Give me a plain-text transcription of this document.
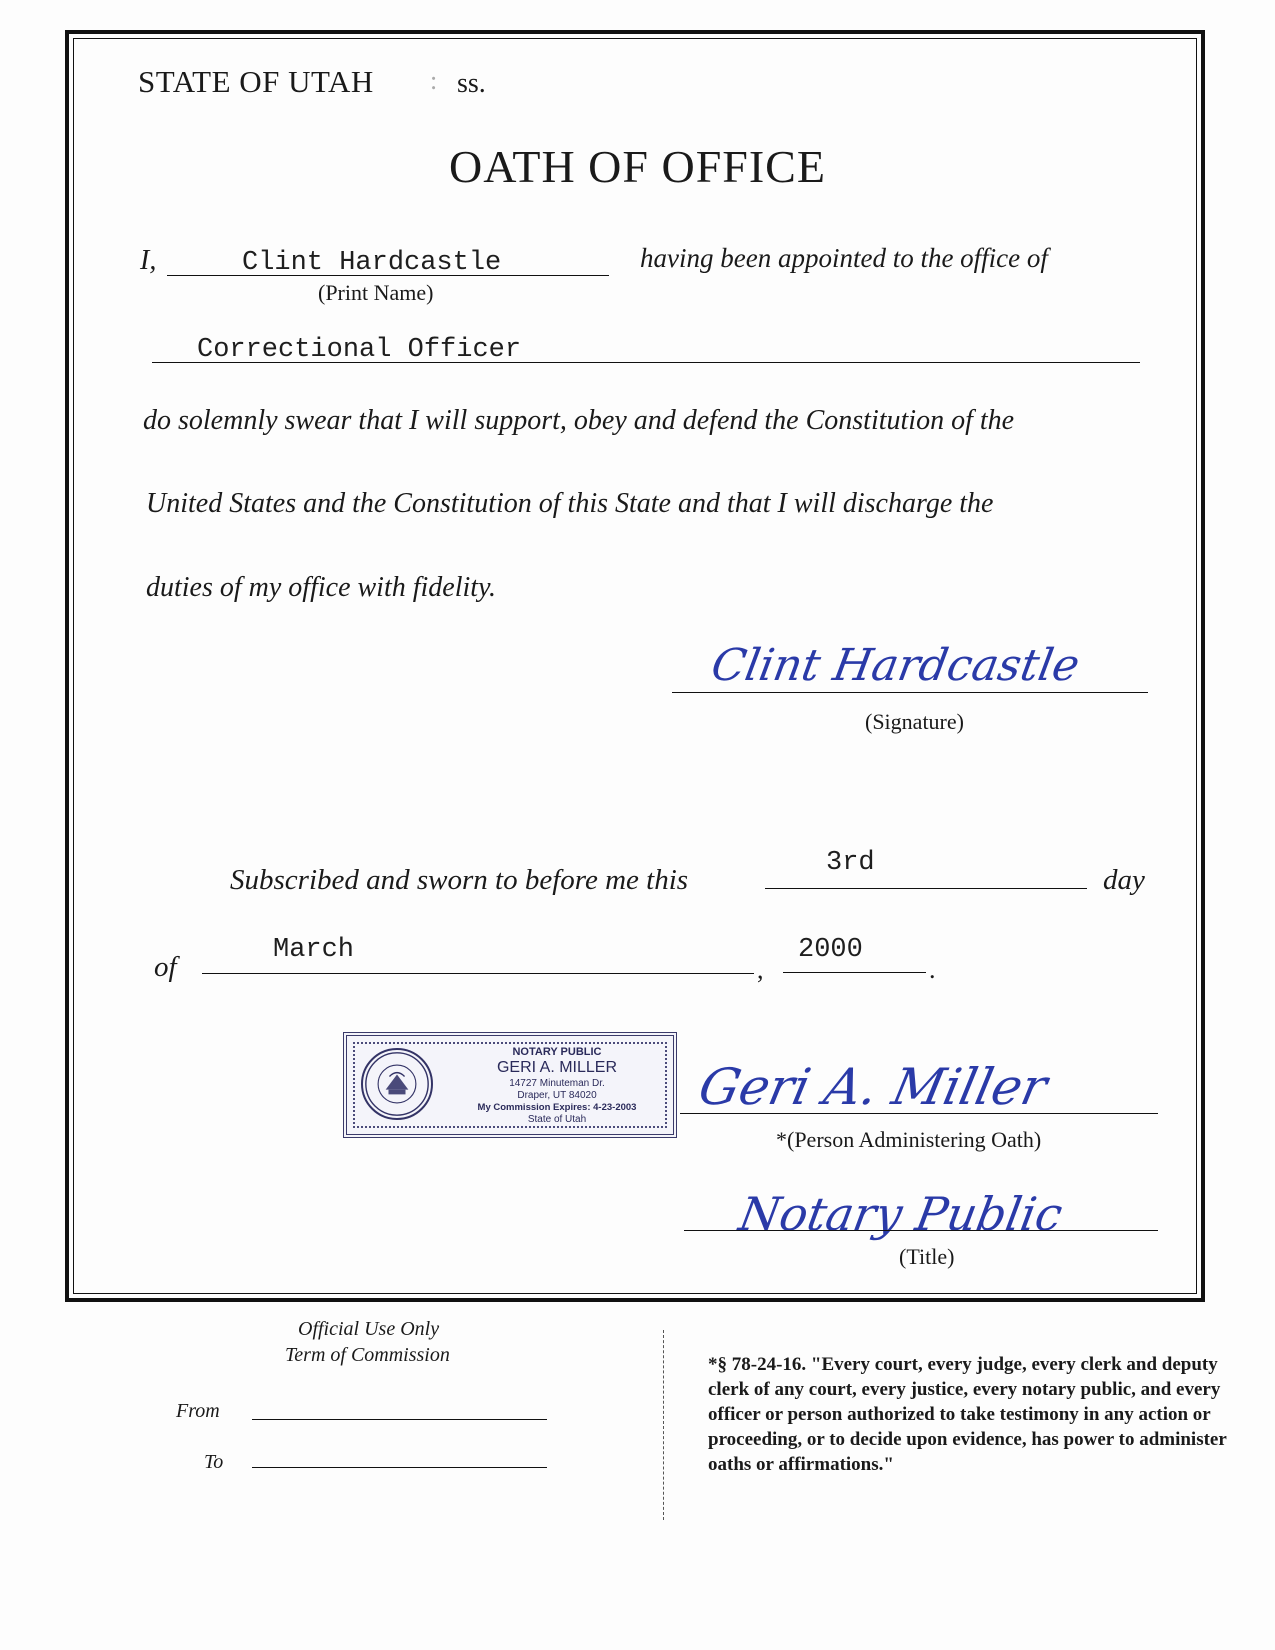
STATE OF UTAH : ss.
OATH OF OFFICE
I,	Clint Hardcastle
(Print Name)
having been appointed to the office of
Correctional Officer
do solemnly swear that I will support, obey and defend the Constitution of the
United States and the Constitution of this State and that I will discharge the
duties of my office with fidelity.
Clint Hardcastle
(Signature)
Subscribed and sworn to before me this
3rd
day
of
March
,
2000
.
NOTARY PUBLIC
GERI A. MILLER
14727 Minuteman Dr.
Draper, UT 84020
My Commission Expires: 4-23-2003
State of Utah
Geri A. Miller
*(Person Administering Oath)
Notary Public
(Title)
Official Use Only
Term of Commission
From
To
*§ 78-24-16. "Every court, every judge, every clerk and deputy clerk of any court, every justice, every notary public, and every officer or person authorized to take testimony in any action or proceeding, or to decide upon evidence, has power to administer oaths or affirmations."
